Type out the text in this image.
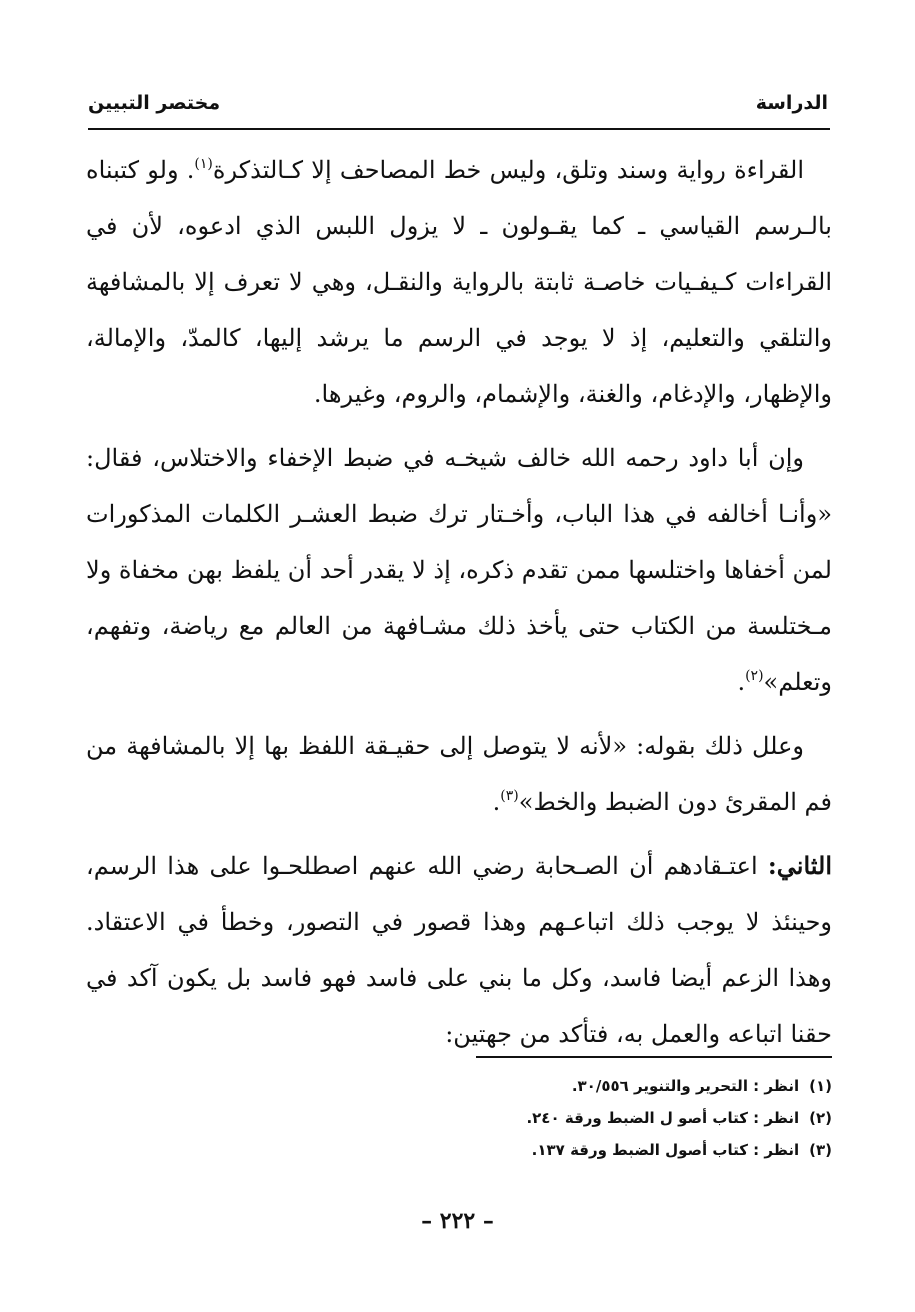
الدراسة
مختصر التبيين

القراءة رواية وسند وتلق، وليس خط المصاحف إلا كـالتذكرة$^{(١)}$. ولو كتبناه بالـرسم القياسي ـ كما يقـولون ـ لا يزول اللبس الذي ادعوه، لأن في القراءات كـيفـيات خاصـة ثابتة بالرواية والنقـل، وهي لا تعرف إلا بالمشافهة والتلقي والتعليم، إذ لا يوجد في الرسم ما يرشد إليها، كالمدّ، والإمالة، والإظهار، والإدغام، والغنة، والإشمام، والروم، وغيرها.

وإن أبا داود رحمه الله خالف شيخـه في ضبط الإخفاء والاختلاس، فقال: «وأنـا أخالفه في هذا الباب، وأخـتار ترك ضبط العشـر الكلمات المذكورات لمن أخفاها واختلسها ممن تقدم ذكره، إذ لا يقدر أحد أن يلفظ بهن مخفاة ولا مـختلسة من الكتاب حتى يأخذ ذلك مشـافهة من العالم مع رياضة، وتفهم، وتعلم»$^{(٢)}$.

وعلل ذلك بقوله: «لأنه لا يتوصل إلى حقيـقة اللفظ بها إلا بالمشافهة من فم المقرئ دون الضبط والخط»$^{(٣)}$.

الثاني: اعتـقادهم أن الصـحابة رضي الله عنهم اصطلحـوا على هذا الرسم، وحينئذ لا يوجب ذلك اتباعـهم وهذا قصور في التصور، وخطأ في الاعتقاد. وهذا الزعم أيضا فاسد، وكل ما بني على فاسد فهو فاسد بل يكون آكد في حقنا اتباعه والعمل به، فتأكد من جهتين:

(١)انظر : التحرير والتنوير ٣٠/٥٥٦.
(٢)انظر : كتاب أصو ل الضبط ورقة ٢٤٠.
(٣)انظر : كتاب أصول الضبط ورقة ١٣٧.
– ٢٢٢ –
